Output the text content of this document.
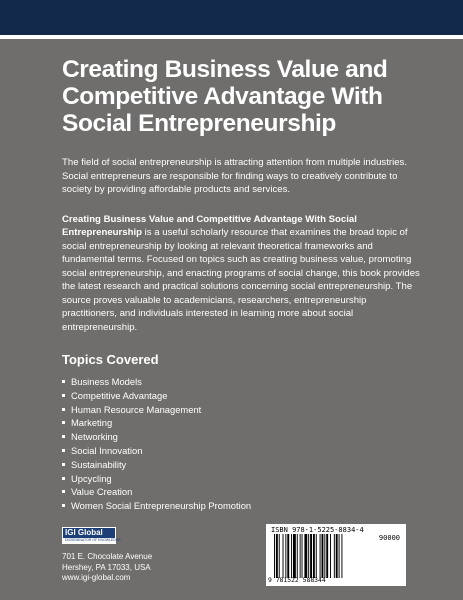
Creating Business Value and
Competitive Advantage With
Social Entrepreneurship

The field of social entrepreneurship is attracting attention from multiple industries. Social entrepreneurs are responsible for finding ways to creatively contribute to society by providing affordable products and services.

Creating Business Value and Competitive Advantage With Social Entrepreneurship is a useful scholarly resource that examines the broad topic of social entrepreneurship by looking at relevant theoretical frameworks and fundamental terms. Focused on topics such as creating business value, promoting social entrepreneurship, and enacting programs of social change, this book provides the latest research and practical solutions concerning social entrepreneurship. The source proves valuable to academicians, researchers, entrepreneurship practitioners, and individuals interested in learning more about social entrepreneurship.

Topics Covered
Business Models
Competitive Advantage
Human Resource Management
Marketing
Networking
Social Innovation
Sustainability
Upcycling
Value Creation
Women Social Entrepreneurship Promotion
IGI Global
DISSEMINATOR OF KNOWLEDGE
701 E. Chocolate Avenue
Hershey, PA 17033, USA
www.igi-global.com
ISBN 978-1-5225-8834-4
90000
9 781522 588344
